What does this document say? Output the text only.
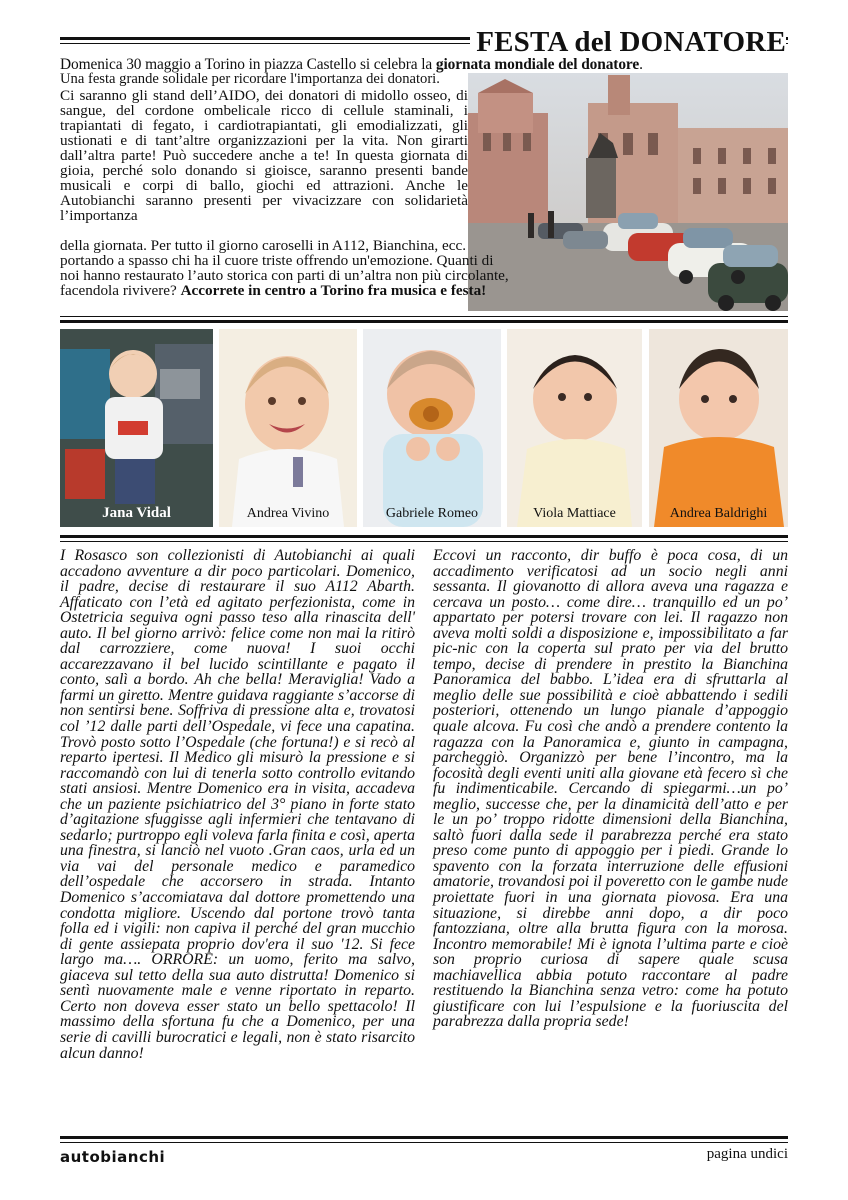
FESTA del DONATORE
Domenica 30 maggio a Torino in piazza Castello si celebra la giornata mondiale del donatore.
Una festa grande solidale per ricordare l'importanza dei donatori.
Ci saranno gli stand dell’AIDO, dei donatori di midollo osseo, di sangue, del cordone ombelicale ricco di cellule staminali, i trapiantati di fegato, i cardiotrapiantati, gli emodializzati, gli ustionati e di tant’altre organizzazioni per la vita. Non girarti dall’altra parte! Può succedere anche a te! In questa giornata di gioia, perché solo donando si gioisce, saranno presenti bande musicali e corpi di ballo, giochi ed attrazioni. Anche le Autobianchi saranno presenti per vivacizzare con solidarietà l’importanza
della giornata. Per tutto il giorno caroselli in A112, Bianchina, ecc.
portando a spasso chi ha il cuore triste offrendo un'emozione. Quanti di
noi hanno restaurato l’auto storica con parti di un’altra non più circolante,
facendola rivivere? Accorrete in centro a Torino fra musica e festa!
Jana Vidal	Andrea Vivino	Gabriele Romeo	Viola Mattiace	Andrea Baldrighi
I Rosasco son collezionisti di Autobianchi ai quali accadono avventure a dir poco particolari. Domenico, il padre, decise di restaurare il suo A112 Abarth. Affaticato con l’età ed agitato perfezionista, come in Ostetricia seguiva ogni passo teso alla rinascita dell' auto. Il bel giorno arrivò: felice come non mai la ritirò dal carrozziere, come nuova! I suoi occhi accarezzavano il bel lucido scintillante e pagato il conto, salì a bordo. Ah che bella! Meraviglia! Vado a farmi un giretto. Mentre guidava raggiante s’accorse di non sentirsi bene. Soffriva di pressione alta e, trovatosi col ’12 dalle parti dell’Ospedale, vi fece una capatina. Trovò posto sotto l’Ospedale (che fortuna!) e si recò al reparto ipertesi. Il Medico gli misurò la pressione e si raccomandò con lui di tenerla sotto controllo evitando stati ansiosi. Mentre Domenico era in visita, accadeva che un paziente psichiatrico del 3° piano in forte stato d’agitazione sfuggisse agli infermieri che tentavano di sedarlo; purtroppo egli voleva farla finita e così, aperta una finestra, si lanciò nel vuoto .Gran caos, urla ed un via vai del personale medico e paramedico dell’ospedale che accorsero in strada. Intanto Domenico s’accomiatava dal dottore promettendo una condotta migliore. Uscendo dal portone trovò tanta folla ed i vigili: non capiva il perché del gran mucchio di gente assiepata proprio dov'era il suo '12. Si fece largo ma…. ORRORE: un uomo, ferito ma salvo, giaceva sul tetto della sua auto distrutta! Domenico si sentì nuovamente male e venne riportato in reparto. Certo non doveva esser stato un bello spettacolo! Il massimo della sfortuna fu che a Domenico, per una serie di cavilli burocratici e legali, non è stato risarcito alcun danno!
Eccovi un racconto, dir buffo è poca cosa, di un accadimento verificatosi ad un socio negli anni sessanta. Il giovanotto di allora aveva una ragazza e cercava un posto… come dire… tranquillo ed un po’ appartato per potersi trovare con lei. Il ragazzo non aveva molti soldi a disposizione e, impossibilitato a far pic-nic con la coperta sul prato per via del brutto tempo, decise di prendere in prestito la Bianchina Panoramica del babbo. L’idea era di sfruttarla al meglio delle sue possibilità e cioè abbattendo i sedili posteriori, ottenendo un lungo pianale d’appoggio quale alcova. Fu così che andò a prendere contento la ragazza con la Panoramica e, giunto in campagna, parcheggiò. Organizzò per bene l’incontro, ma la focosità degli eventi uniti alla giovane età fecero sì che fu indimenticabile. Cercando di spiegarmi…un po’ meglio, successe che, per la dinamicità dell’atto e per le un po’ troppo ridotte dimensioni della Bianchina, saltò fuori dalla sede il parabrezza perché era stato preso come punto di appoggio per i piedi. Grande lo spavento con la forzata interruzione delle effusioni amatorie, trovandosi poi il poveretto con le gambe nude proiettate fuori in una giornata piovosa. Era una situazione, si direbbe anni dopo, a dir poco fantozziana, oltre alla brutta figura con la morosa. Incontro memorabile! Mi è ignota l’ultima parte e cioè son proprio curiosa di sapere quale scusa machiavellica abbia potuto raccontare al padre restituendo la Bianchina senza vetro: come ha potuto giustificare con lui l’espulsione e la fuoriuscita del parabrezza dalla propria sede!
autobianchi	pagina undici
